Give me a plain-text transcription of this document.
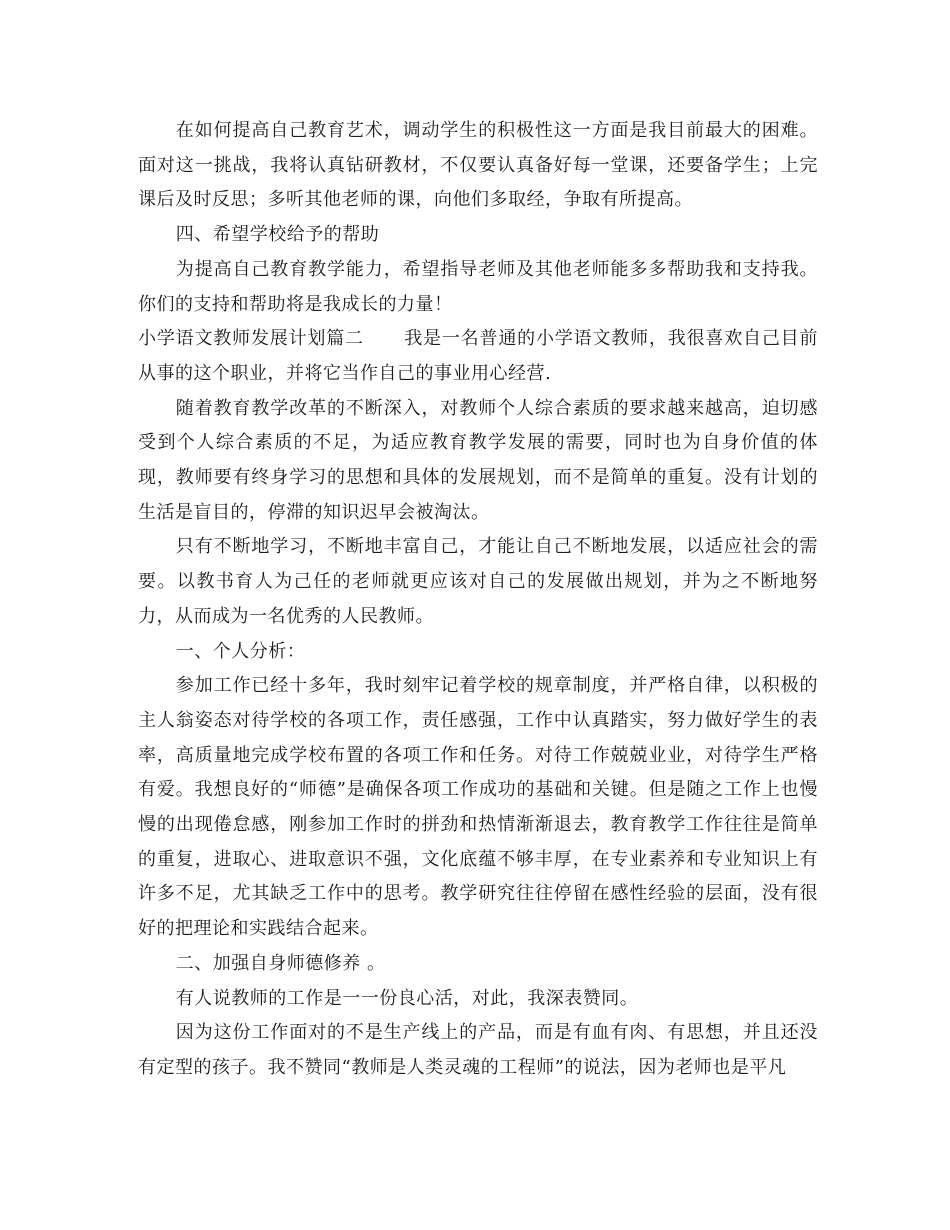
在如何提高自己教育艺术，调动学生的积极性这一方面是我目前最大的困难。面对这一挑战，我将认真钻研教材，不仅要认真备好每一堂课，还要备学生；上完课后及时反思；多听其他老师的课，向他们多取经，争取有所提高。

四、希望学校给予的帮助

为提高自己教育教学能力，希望指导老师及其他老师能多多帮助我和支持我。你们的支持和帮助将是我成长的力量！

小学语文教师发展计划篇二 我是一名普通的小学语文教师，我很喜欢自己目前从事的这个职业，并将它当作自己的事业用心经营.

随着教育教学改革的不断深入，对教师个人综合素质的要求越来越高，迫切感受到个人综合素质的不足，为适应教育教学发展的需要，同时也为自身价值的体现，教师要有终身学习的思想和具体的发展规划，而不是简单的重复。没有计划的生活是盲目的，停滞的知识迟早会被淘汰。

只有不断地学习，不断地丰富自己，才能让自己不断地发展，以适应社会的需要。以教书育人为己任的老师就更应该对自己的发展做出规划，并为之不断地努力，从而成为一名优秀的人民教师。

一、个人分析：

参加工作已经十多年，我时刻牢记着学校的规章制度，并严格自律，以积极的主人翁姿态对待学校的各项工作，责任感强，工作中认真踏实，努力做好学生的表率，高质量地完成学校布置的各项工作和任务。对待工作兢兢业业，对待学生严格有爱。我想良好的“师德”是确保各项工作成功的基础和关键。但是随之工作上也慢慢的出现倦怠感，刚参加工作时的拼劲和热情渐渐退去，教育教学工作往往是简单的重复，进取心、进取意识不强，文化底蕴不够丰厚，在专业素养和专业知识上有许多不足，尤其缺乏工作中的思考。教学研究往往停留在感性经验的层面，没有很好的把理论和实践结合起来。

二、加强自身师德修养 。

有人说教师的工作是一一份良心活，对此，我深表赞同。

因为这份工作面对的不是生产线上的产品，而是有血有肉、有思想，并且还没有定型的孩子。我不赞同“教师是人类灵魂的工程师”的说法，因为老师也是平凡
